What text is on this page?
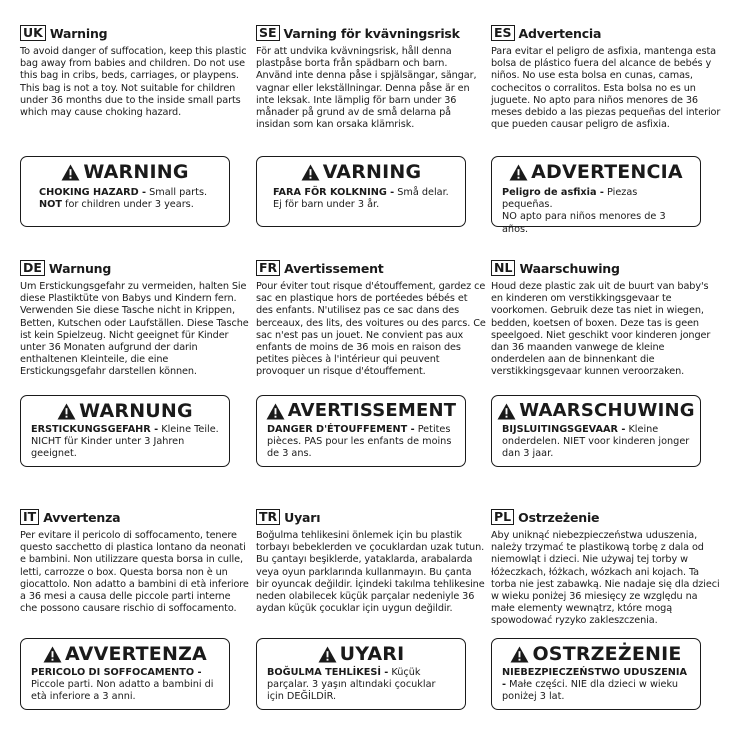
UK Warning
To avoid danger of suffocation, keep this plastic bag away from babies and children. Do not use this bag in cribs, beds, carriages, or playpens. This bag is not a toy. Not suitable for children under 36 months due to the inside small parts which may cause choking hazard.
WARNING
CHOKING HAZARD - Small parts.
NOT for children under 3 years.
SE Varning för kvävningsrisk
För att undvika kvävningsrisk, håll denna plastpåse borta från spädbarn och barn. Använd inte denna påse i spjälsängar, sängar, vagnar eller lekställningar. Denna påse är en inte leksak. Inte lämplig för barn under 36 månader på grund av de små delarna på insidan som kan orsaka klämrisk.
VARNING
FARA FÖR KOLKNING - Små delar.
Ej för barn under 3 år.
ES Advertencia
Para evitar el peligro de asfixia, mantenga esta bolsa de plástico fuera del alcance de bebés y niños. No use esta bolsa en cunas, camas, cochecitos o corralitos. Esta bolsa no es un juguete. No apto para niños menores de 36 meses debido a las piezas pequeñas del interior que pueden causar peligro de asfixia.
ADVERTENCIA
Peligro de asfixia - Piezas pequeñas.
NO apto para niños menores de 3 años.
DE Warnung
Um Erstickungsgefahr zu vermeiden, halten Sie diese Plastiktüte von Babys und Kindern fern. Verwenden Sie diese Tasche nicht in Krippen, Betten, Kutschen oder Laufställen. Diese Tasche ist kein Spielzeug. Nicht geeignet für Kinder unter 36 Monaten aufgrund der darin enthaltenen Kleinteile, die eine Erstickungsgefahr darstellen können.
WARNUNG
ERSTICKUNGSGEFAHR - Kleine Teile.
NICHT für Kinder unter 3 Jahren geeignet.
FR Avertissement
Pour éviter tout risque d'étouffement, gardez ce sac en plastique hors de portéedes bébés et des enfants. N'utilisez pas ce sac dans des berceaux, des lits, des voitures ou des parcs. Ce sac n'est pas un jouet. Ne convient pas aux enfants de moins de 36 mois en raison des petites pièces à l'intérieur qui peuvent provoquer un risque d'étouffement.
AVERTISSEMENT
DANGER D'ÉTOUFFEMENT - Petites pièces. PAS pour les enfants de moins de 3 ans.
NL Waarschuwing
Houd deze plastic zak uit de buurt van baby's en kinderen om verstikkingsgevaar te voorkomen. Gebruik deze tas niet in wiegen, bedden, koetsen of boxen. Deze tas is geen speelgoed. Niet geschikt voor kinderen jonger dan 36 maanden vanwege de kleine onderdelen aan de binnenkant die verstikkingsgevaar kunnen veroorzaken.
WAARSCHUWING
BIJSLUITINGSGEVAAR - Kleine onderdelen. NIET voor kinderen jonger dan 3 jaar.
IT Avvertenza
Per evitare il pericolo di soffocamento, tenere questo sacchetto di plastica lontano da neonati e bambini. Non utilizzare questa borsa in culle, letti, carrozze o box. Questa borsa non è un giocattolo. Non adatto a bambini di età inferiore a 36 mesi a causa delle piccole parti interne che possono causare rischio di soffocamento.
AVVERTENZA
PERICOLO DI SOFFOCAMENTO - Piccole parti. Non adatto a bambini di età inferiore a 3 anni.
TR Uyarı
Boğulma tehlikesini önlemek için bu plastik torbayı bebeklerden ve çocuklardan uzak tutun. Bu çantayı beşiklerde, yataklarda, arabalarda veya oyun parklarında kullanmayın. Bu çanta bir oyuncak değildir. İçindeki takılma tehlikesine neden olabilecek küçük parçalar nedeniyle 36 aydan küçük çocuklar için uygun değildir.
UYARI
BOĞULMA TEHLİKESİ - Küçük parçalar. 3 yaşın altındaki çocuklar için DEĞİLDİR.
PL Ostrzeżenie
Aby uniknąć niebezpieczeństwa uduszenia, należy trzymać te plastikową torbę z dala od niemowląt i dzieci. Nie używaj tej torby w łóżeczkach, łóżkach, wózkach ani kojach. Ta torba nie jest zabawką. Nie nadaje się dla dzieci w wieku poniżej 36 miesięcy ze względu na małe elementy wewnątrz, które mogą spowodować ryzyko zakleszczenia.
OSTRZEŻENIE
NIEBEZPIECZEŃSTWO UDUSZENIA - Małe części. NIE dla dzieci w wieku poniżej 3 lat.
